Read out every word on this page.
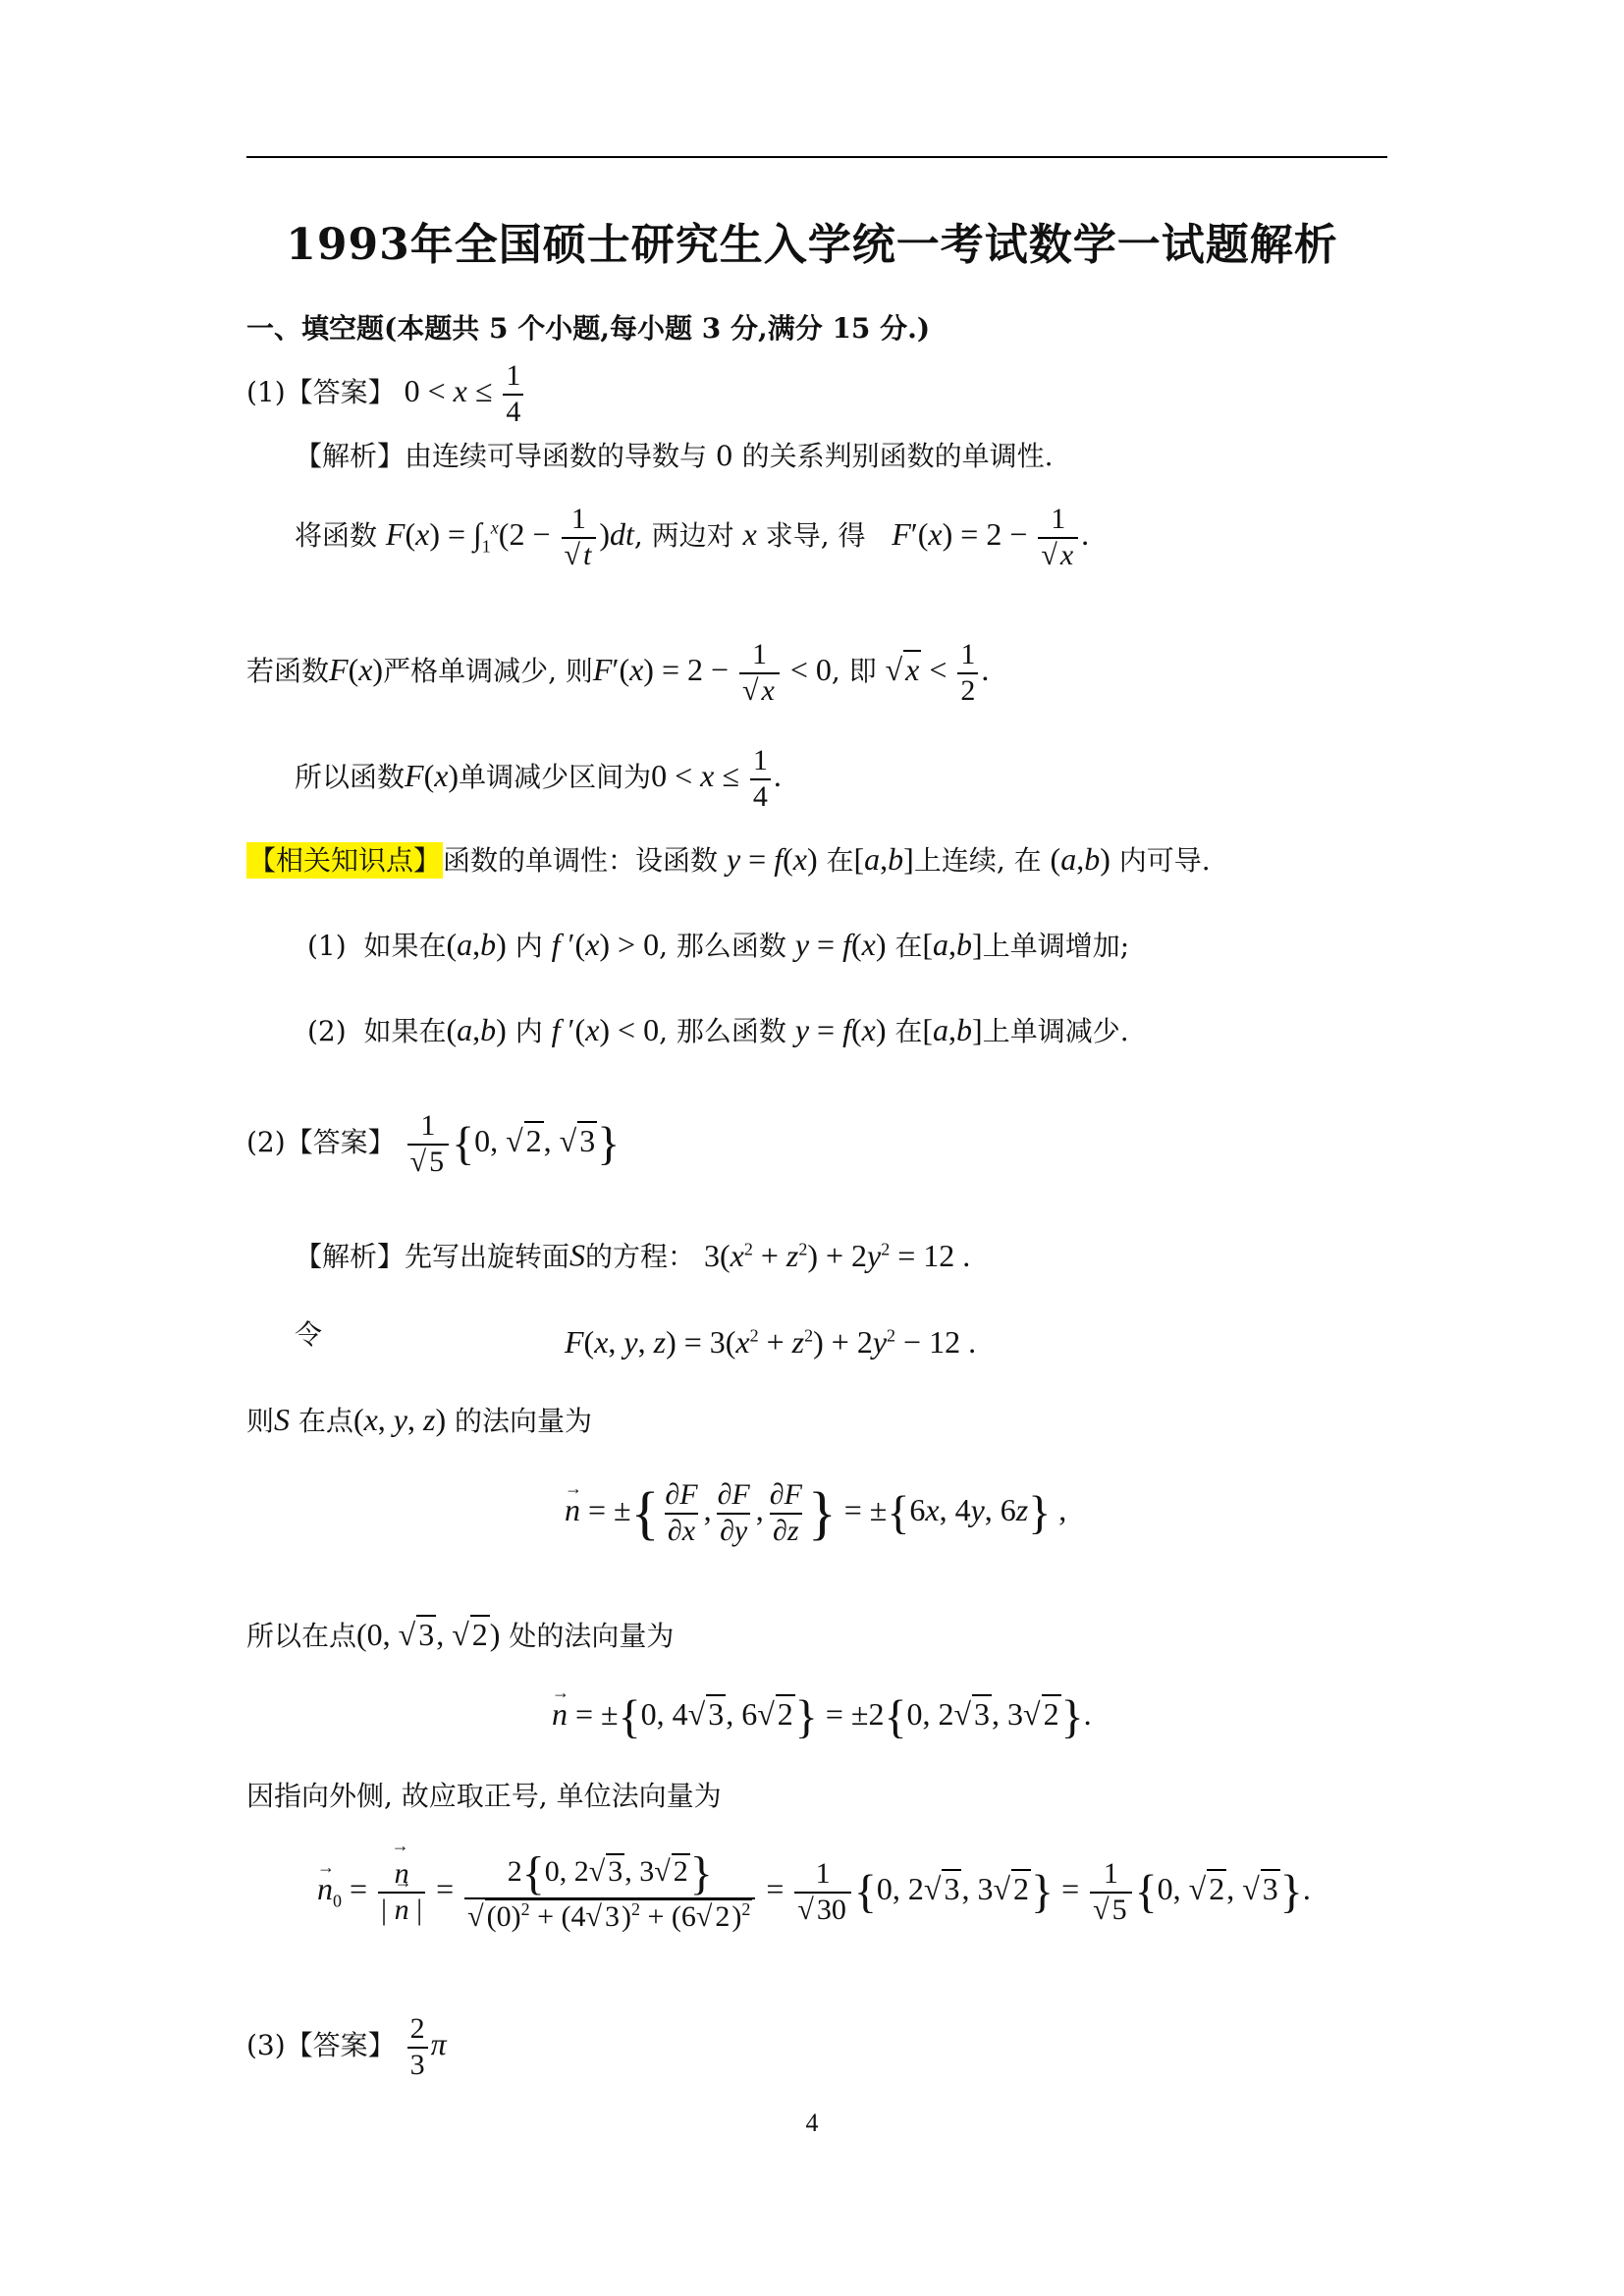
1993年全国硕士研究生入学统一考试数学一试题解析
一、填空题(本题共 5 个小题,每小题 3 分,满分 15 分.)
(1)【答案】 $0 < x \le \frac{1}{4}$
【解析】由连续可导函数的导数与 0 的关系判别函数的单调性.
将函数 $F(x) = \int_1^x(2 - \frac{1}{√ t} )dt$, 两边对 x 求导, 得 $F'(x) = 2 - \frac{1}{√ x}$ .
若函数F(x)严格单调减少, 则$F'(x) = 2 - \frac{1}{√ x} < 0$, 即 $√x < \frac{1}{2}$ .
所以函数F(x)单调减少区间为$0 < x \le \frac{1}{4}$ .
【相关知识点】函数的单调性：设函数 y = f(x) 在[a,b]上连续, 在 (a,b) 内可导.
(1) 如果在(a,b) 内 f ′(x) > 0, 那么函数 y = f(x) 在[a,b]上单调增加;
(2) 如果在(a,b) 内 f ′(x) < 0, 那么函数 y = f(x) 在[a,b]上单调减少.
(2)【答案】 $\frac{1}{√ 5} \{0$, √2, √3}
【解析】先写出旋转面S的方程： $3(x^2 + z^2) + 2y^2 = 12$ .
令	F(x, y, $z) = 3(x^2 + z^2) + 2y^2 - 12$ .
则S 在点(x, y, z) 的法向量为
→ n = ±{ $\frac{\partial F}{\partial x}$ , $\frac{\partial F}{\partial y}$ , $\frac{\partial F}{\partial z}$ } = ±{6x, 4y, 6z} ,
所以在点(0, √3, √2) 处的法向量为
→ n = ±{0, 4√3, 6√2} = ±2{0, 2√3, 3√2}.
因指向外侧, 故应取正号, 单位法向量为
→ $n_0$ =
→ $\frac{n}{| \to n |} = \frac{2\{0, 2√ 3, 3√ 2\}}{√ (0)^2 + (4√ 3)^2 + (6√ 2)^2} = \frac{1}{√ 30} \{0$, 2√3, $3√2\} = \frac{1}{√ 5} \{0$, √2, √3}.
(3)【答案】 $\frac{2}{3}$ π
4
